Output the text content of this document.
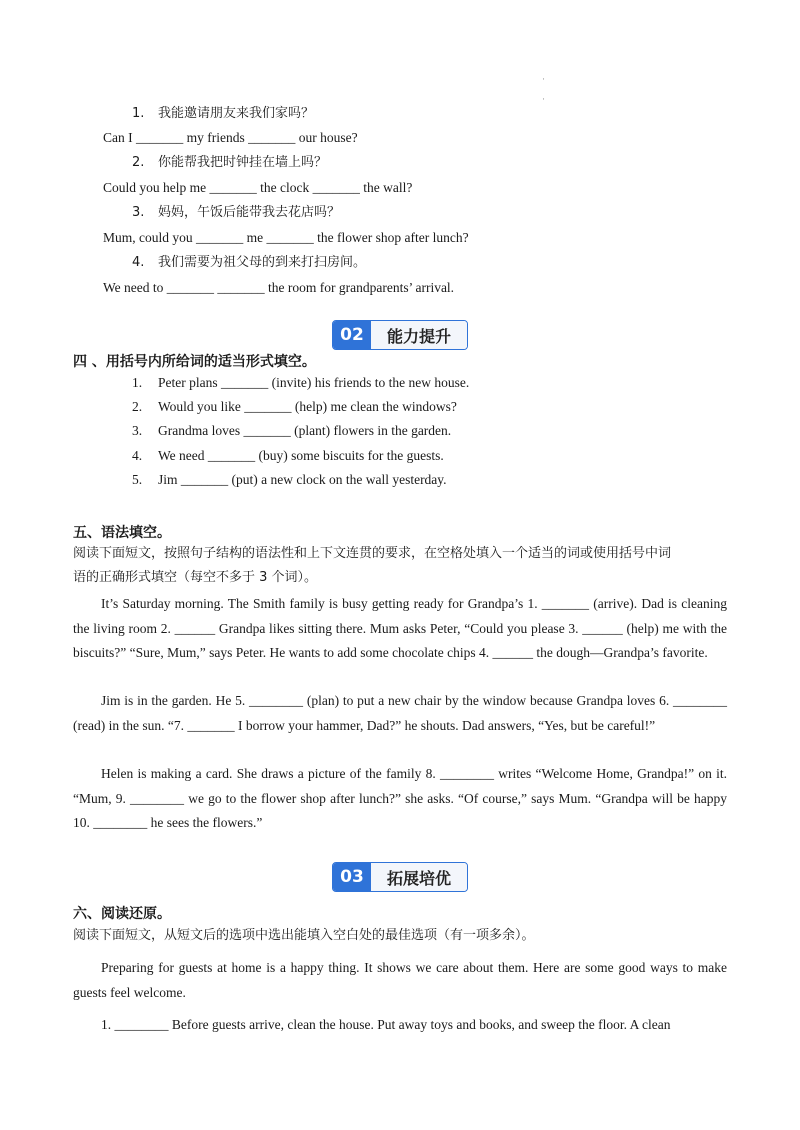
·

·
1. 我能邀请朋友来我们家吗？
Can I _______ my friends _______ our house?
2. 你能帮我把时钟挂在墙上吗？
Could you help me _______ the clock _______ the wall?
3. 妈妈，午饭后能带我去花店吗？
Mum, could you _______ me _______ the flower shop after lunch?
4. 我们需要为祖父母的到来打扫房间。
We need to _______ _______ the room for grandparents’ arrival.
02	能力提升
四 、用括号内所给词的适当形式填空。
1. Peter plans _______ (invite) his friends to the new house.
2. Would you like _______ (help) me clean the windows?
3. Grandma loves _______ (plant) flowers in the garden.
4. We need _______ (buy) some biscuits for the guests.
5. Jim _______ (put) a new clock on the wall yesterday.
五、语法填空。
阅读下面短文，按照句子结构的语法性和上下文连贯的要求，在空格处填入一个适当的词或使用括号中词
语的正确形式填空（每空不多于 3 个词）。
It’s Saturday morning. The Smith family is busy getting ready for Grandpa’s 1. _______ (arrive). Dad is cleaning the living room 2. ______ Grandpa likes sitting there. Mum asks Peter, “Could you please 3. ______ (help) me with the biscuits?” “Sure, Mum,” says Peter. He wants to add some chocolate chips 4. ______ the dough—Grandpa’s favorite.
Jim is in the garden. He 5. ________ (plan) to put a new chair by the window because Grandpa loves 6. ________ (read) in the sun. “7. _______ I borrow your hammer, Dad?” he shouts. Dad answers, “Yes, but be careful!”
Helen is making a card. She draws a picture of the family 8. ________ writes “Welcome Home, Grandpa!” on it. “Mum, 9. ________ we go to the flower shop after lunch?” she asks. “Of course,” says Mum. “Grandpa will be happy 10. ________ he sees the flowers.”
03	拓展培优
六、阅读还原。
阅读下面短文，从短文后的选项中选出能填入空白处的最佳选项（有一项多余）。
Preparing for guests at home is a happy thing. It shows we care about them. Here are some good ways to make guests feel welcome.
1. ________ Before guests arrive, clean the house. Put away toys and books, and sweep the floor. A clean
